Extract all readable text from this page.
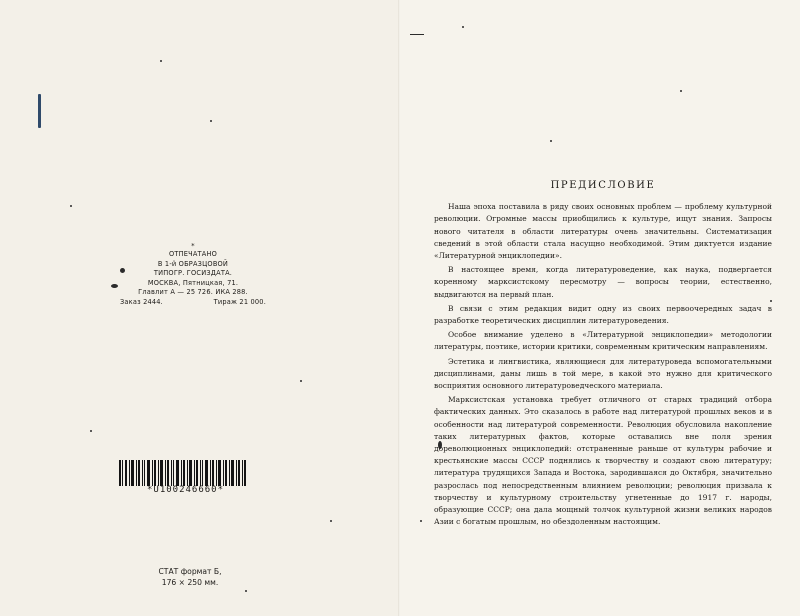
*
ОТПЕЧАТАНО
В 1-й ОБРАЗЦОВОЙ
ТИПОГР. ГОСИЗДАТА.
МОСКВА, Пятницкая, 71.
Главлит А — 25 726. ИКА 288.
Заказ 2444.	Тираж 21 000.
*U100246660*
СТАТ формат Б,
176 × 250 мм.
ПРЕДИСЛОВИЕ

Наша эпоха поставила в ряду своих основных проблем — проблему культурной революции. Огромные массы приобщились к культуре, ищут знания. Запросы нового читателя в области литературы очень значительны. Систематизация сведений в этой области стала насущно необходимой. Этим диктуется издание «Литературной энциклопедии».

В настоящее время, когда литературоведение, как наука, подвергается коренному марксистскому пересмотру — вопросы теории, естественно, выдвигаются на первый план.

В связи с этим редакция видит одну из своих первоочередных задач в разработке теоретических дисциплин литературоведения.

Особое внимание уделено в «Литературной энциклопедии» методологии литературы, поэтике, истории критики, современным критическим направлениям.

Эстетика и лингвистика, являющиеся для литературоведа вспомогательными дисциплинами, даны лишь в той мере, в какой это нужно для критического восприятия основного литературоведческого материала.

Марксистская установка требует отличного от старых традиций отбора фактических данных. Это сказалось в работе над литературой прошлых веков и в особенности над литературой современности. Революция обусловила накопление таких литературных фактов, которые оставались вне поля зрения дореволюционных энциклопедий: отстраненные раньше от культуры рабочие и крестьянские массы СССР поднялись к творчеству и создают свою литературу; литература трудящихся Запада и Востока, зародившаяся до Октября, значительно разрослась под непосредственным влиянием революции; революция призвала к творчеству и культурному строительству угнетенные до 1917 г. народы, образующие СССР; она дала мощный толчок культурной жизни великих народов Азии с богатым прошлым, но обездоленным настоящим.
